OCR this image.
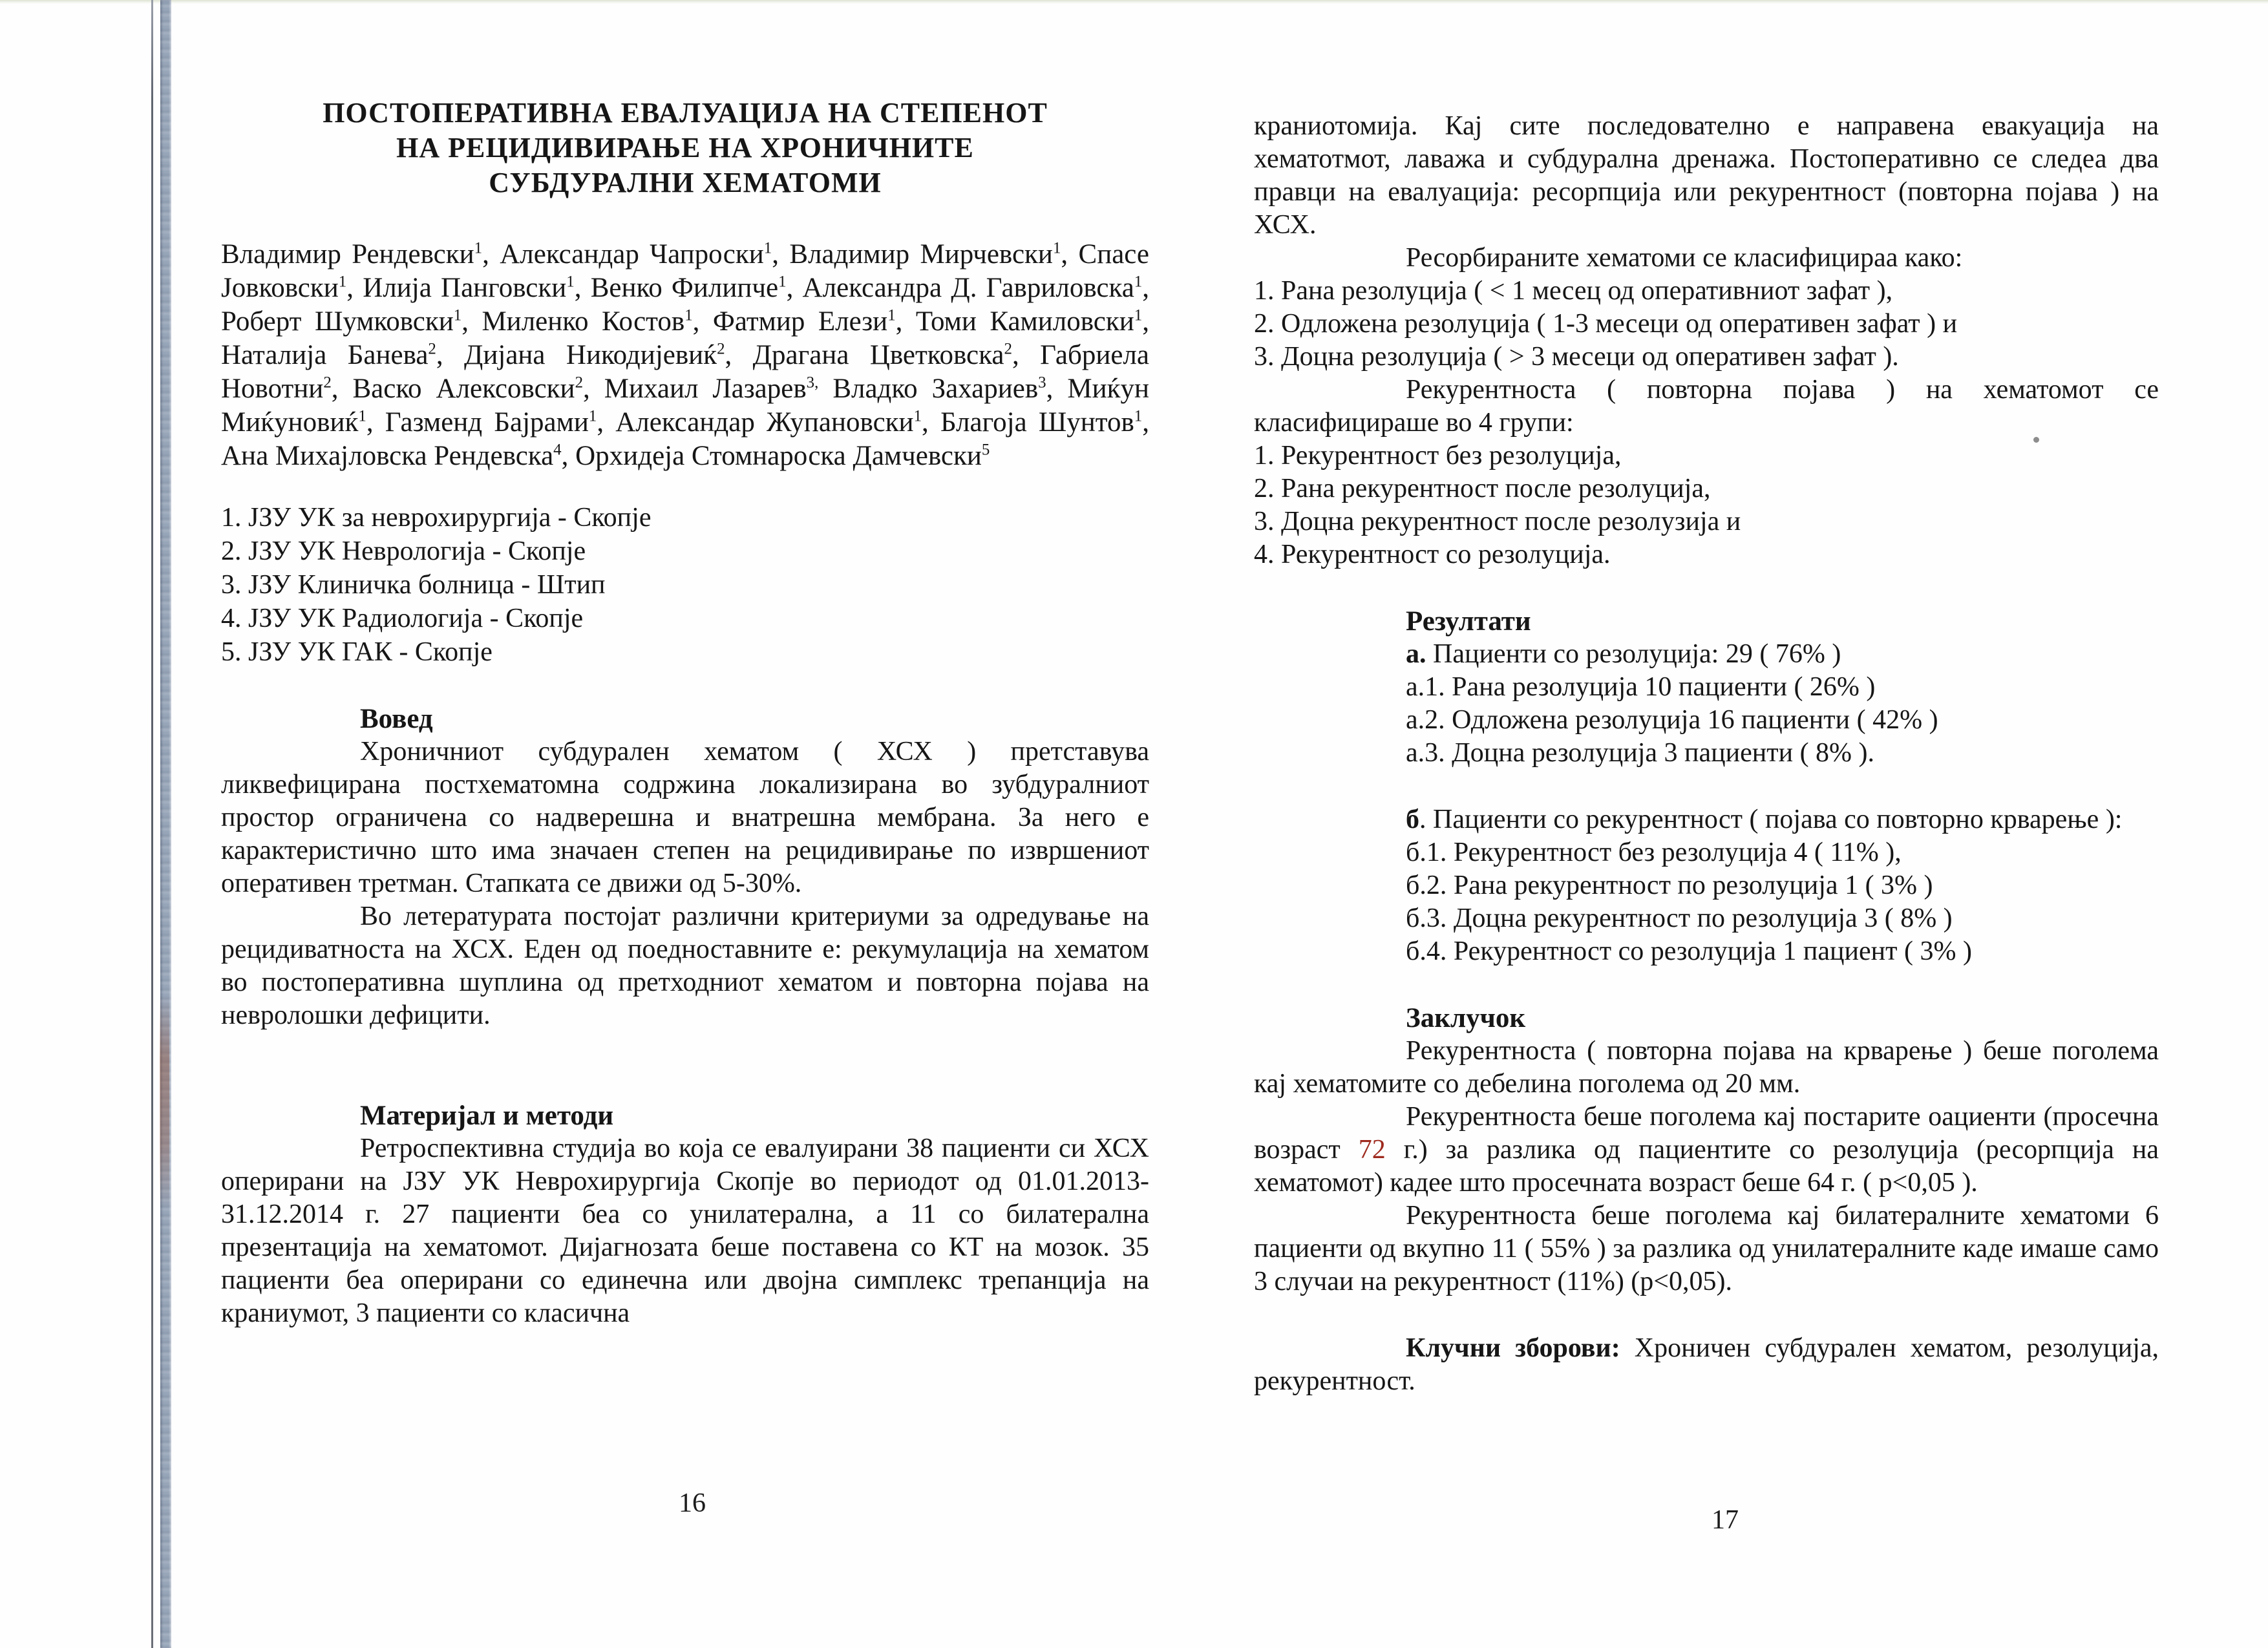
ПОСТОПЕРАТИВНА ЕВАЛУАЦИЈА НА СТЕПЕНОТ
НА РЕЦИДИВИРАЊЕ НА ХРОНИЧНИТЕ
СУБДУРАЛНИ ХЕМАТОМИ

Владимир Рендевски$^1$, Александар Чапроски$^1$, Владимир Мирчевски$^1$, Спасе Јовковски$^1$, Илија Панговски$^1$, Венко Филипче$^1$, Александра Д. Гавриловска$^1$, Роберт Шумковски$^1$, Миленко Костов$^1$, Фатмир Елези$^1$, Томи Камиловски$^1$, Наталија Банева$^2$, Дијана Никодијевиќ$^2$, Драгана Цветковска$^2$, Габриела Новотни$^2$, Васко Алексовски$^2$, Михаил Лазарев$^{3,}$ Владко Захариев$^3$, Миќун Миќуновиќ$^1$, Газменд Бајрами$^1$, Александар Жупановски$^1$, Благоја Шунтов$^1$, Ана Михајловска Рендевска$^4$, Орхидеја Стомнароска Дамчевски$^5$

1. ЈЗУ УК за неврохирургија - Скопје
2. ЈЗУ УК Неврологија - Скопје
3. ЈЗУ Клиничка болница - Штип
4. ЈЗУ УК Радиологија - Скопје
5. ЈЗУ УК ГАК - Скопје
Вовед

Хроничниот субдурален хематом ( ХСХ ) претставува ликвефицирана постхематомна содржина локализирана во зубдуралниот простор ограничена со надверешна и внатрешна мембрана. За него е карактеристично што има значаен степен на рецидивирање по извршениот оперативен третман. Стапката се движи од 5-30%.

Во летературата постојат различни критериуми за одредување на рецидиватноста на ХСХ. Еден од поедноставните е: рекумулација на хематом во постоперативна шуплина од претходниот хематом и повторна појава на невролошки дефицити.

Материјал и методи

Ретроспективна студија во која се евалуирани 38 пациенти си ХСХ оперирани на ЈЗУ УК Неврохирургија Скопје во периодот од 01.01.2013-31.12.2014 г. 27 пациенти беа со унилатерална, а 11 со билатерална презентација на хематомот. Дијагнозата беше поставена со КТ на мозок. 35 пациенти беа оперирани со единечна или двојна симплекс трепанција на краниумот, 3 пациенти со класична

16

краниотомија. Кај сите последователно е направена евакуација на хематотмот, лаважа и субдурална дренажа. Постоперативно се следеа два правци на евалуација: ресорпција или рекурентност (повторна појава ) на ХСХ.

Ресорбираните хематоми се класифицираа како:

1. Рана резолуција ( < 1 месец од оперативниот зафат ),
2. Одложена резолуција ( 1-3 месеци од оперативен зафат ) и
3. Доцна резолуција ( > 3 месеци од оперативен зафат ).

Рекурентноста ( повторна појава ) на хематомот се класифицираше во 4 групи:

1. Рекурентност без резолуција,
2. Рана рекурентност после резолуција,
3. Доцна рекурентност после резолузија и
4. Рекурентност со резолуција.
Резултати
а. Пациенти со резолуција: 29 ( 76% )
а.1. Рана резолуција 10 пациенти ( 26% )
а.2. Одложена резолуција 16 пациенти ( 42% )
а.3. Доцна резолуција 3 пациенти ( 8% ).

б. Пациенти со рекурентност ( појава со повторно крварење ):

б.1. Рекурентност без резолуција 4 ( 11% ),
б.2. Рана рекурентност по резолуција 1 ( 3% )
б.3. Доцна рекурентност по резолуција 3 ( 8% )
б.4. Рекурентност со резолуција 1 пациент ( 3% )
Заклучок

Рекурентноста ( повторна појава на крварење ) беше поголема кај хематомите со дебелина поголема од 20 мм.

Рекурентноста беше поголема кај постарите оациенти (просечна возраст 72 г.) за разлика од пациентите со резолуција (ресорпција на хематомот) кадее што просечната возраст беше 64 г. ( p<0,05 ).

Рекурентноста беше поголема кај билатералните хематоми 6 пациенти од вкупно 11 ( 55% ) за разлика од унилатералните каде имаше само 3 случаи на рекурентност (11%) (p<0,05).

Клучни зборови: Хроничен субдурален хематом, резолуција, рекурентност.

17
